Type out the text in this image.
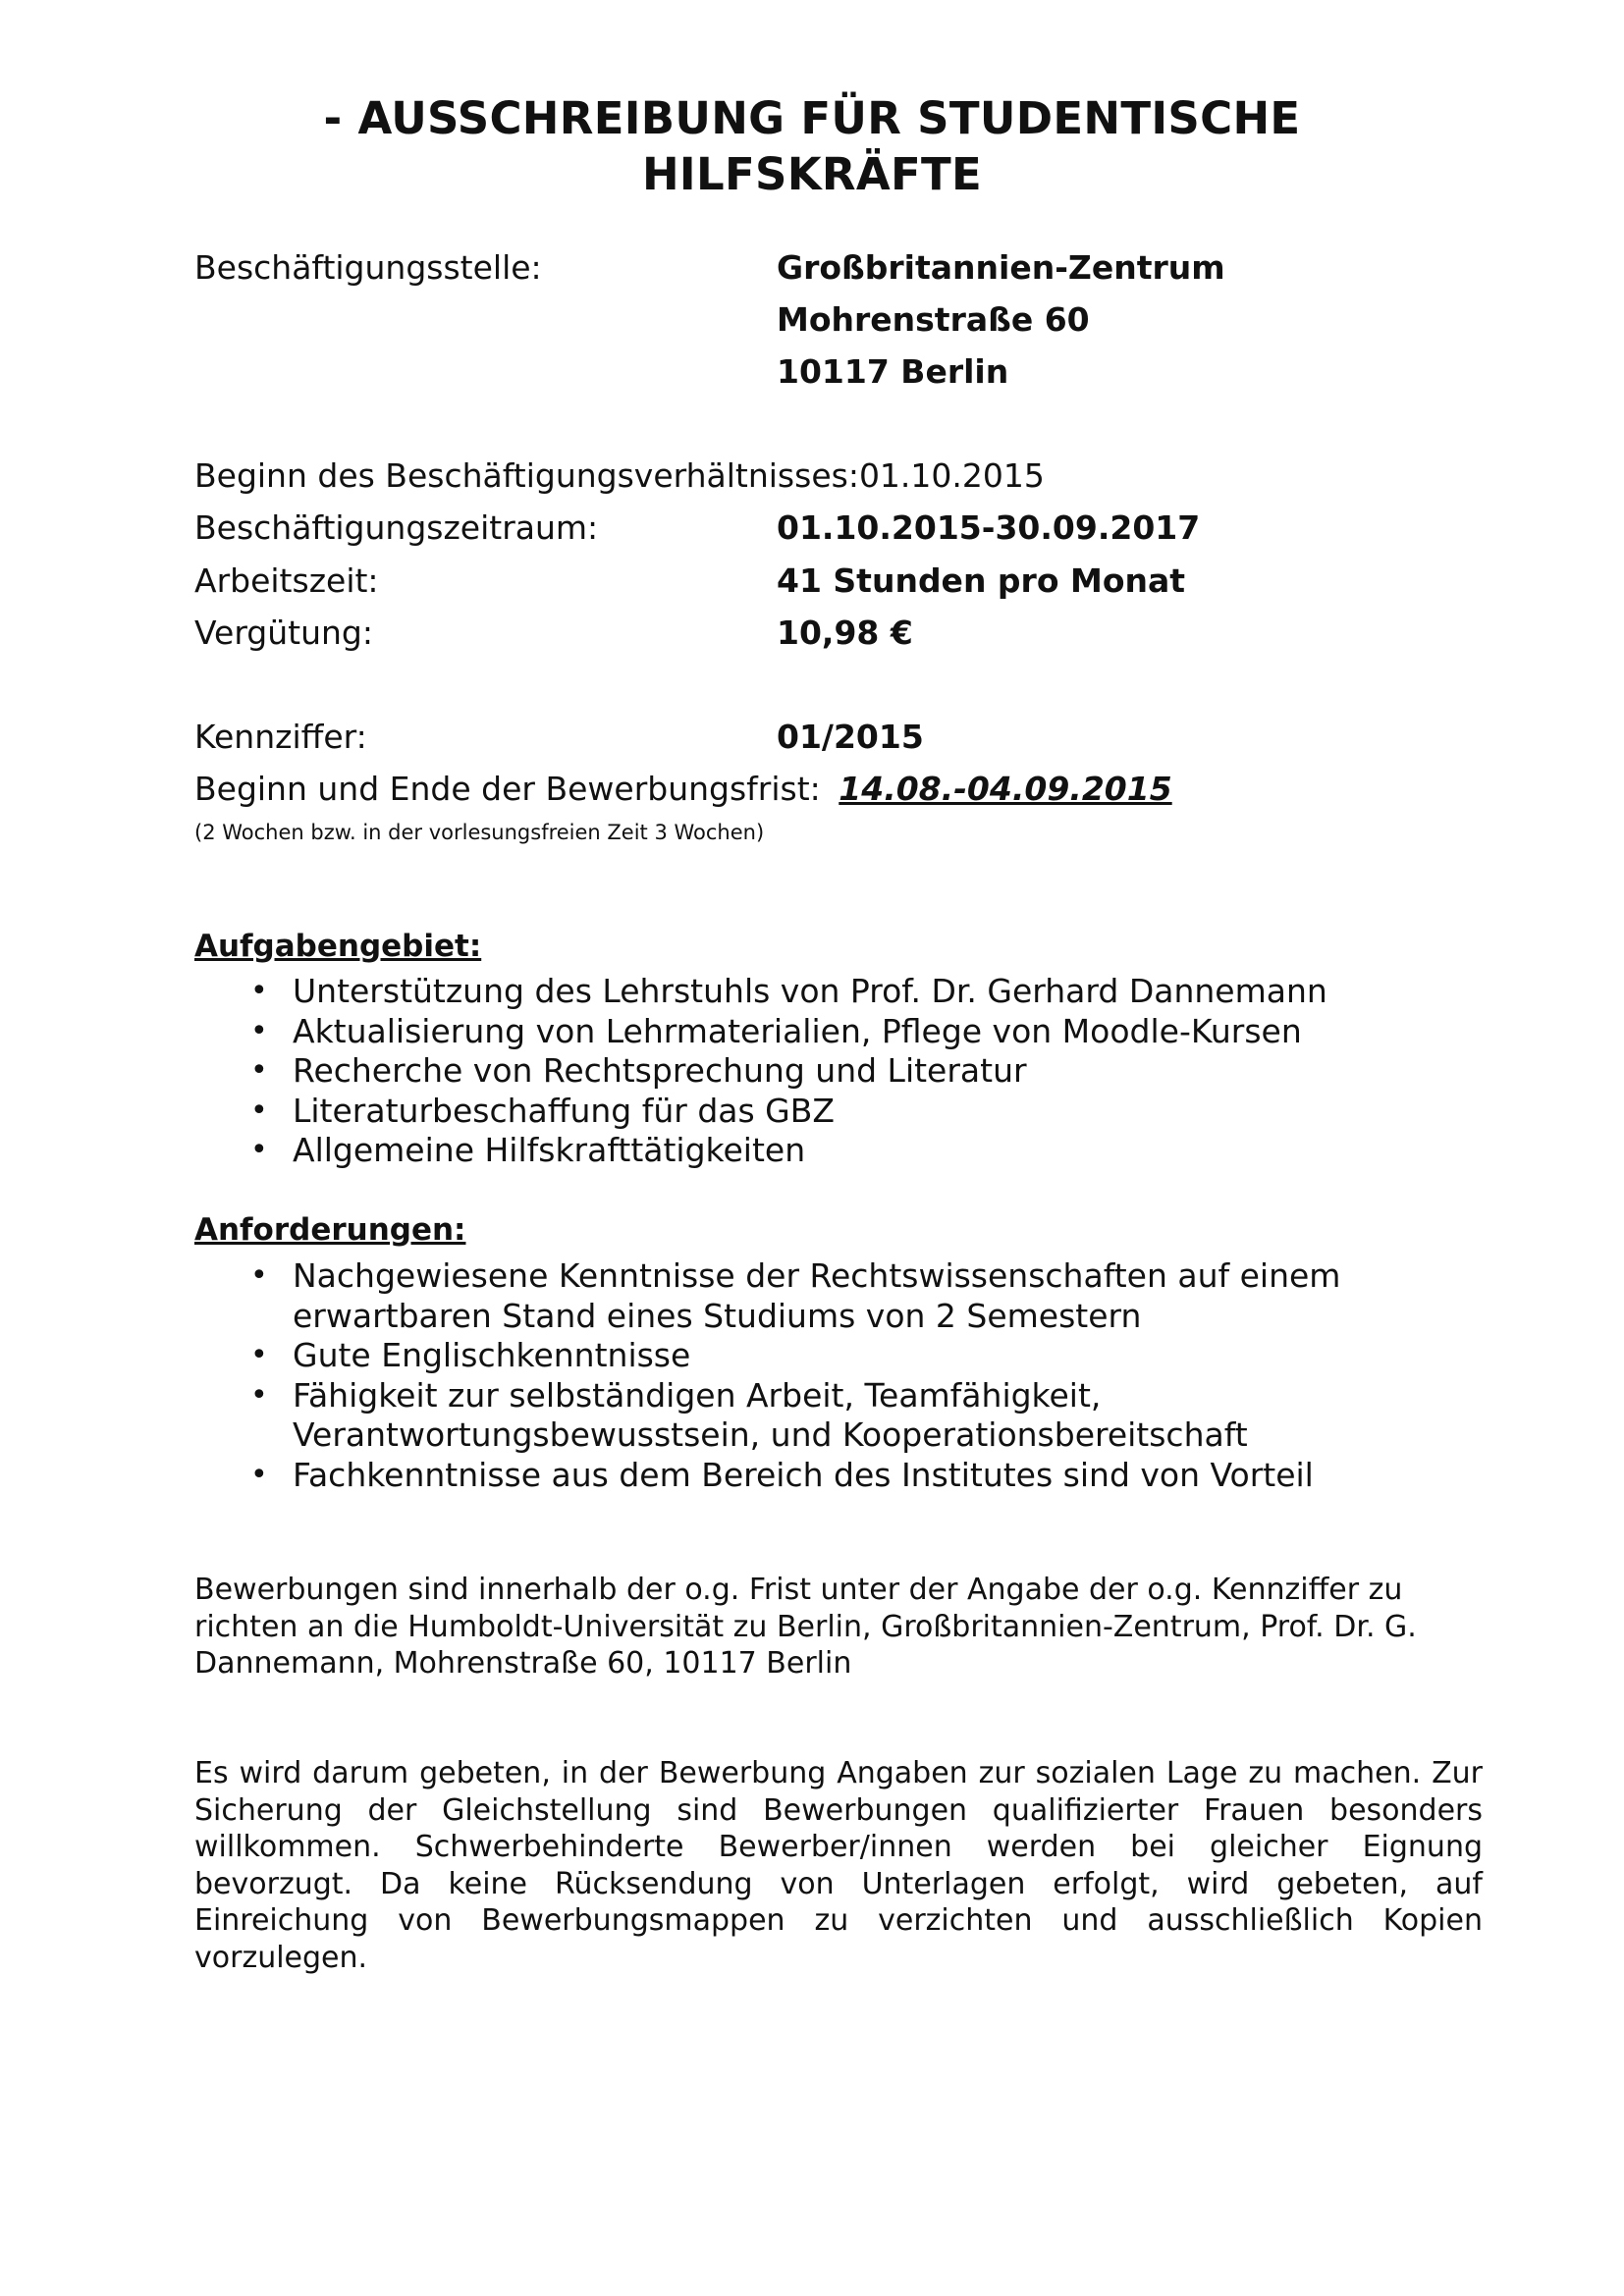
- AUSSCHREIBUNG FÜR STUDENTISCHE
HILFSKRÄFTE
Beschäftigungsstelle:	Großbritannien-Zentrum
Mohrenstraße 60
10117 Berlin
Beginn des Beschäftigungsverhältnisses:01.10.2015
Beschäftigungszeitraum:	01.10.2015-30.09.2017
Arbeitszeit:	41 Stunden pro Monat
Vergütung:	10,98 €
Kennziffer:	01/2015
Beginn und Ende der Bewerbungsfrist: 14.08.-04.09.2015
(2 Wochen bzw. in der vorlesungsfreien Zeit 3 Wochen)
Aufgabengebiet:
• Unterstützung des Lehrstuhls von Prof. Dr. Gerhard Dannemann
• Aktualisierung von Lehrmaterialien, Pflege von Moodle-Kursen
• Recherche von Rechtsprechung und Literatur
• Literaturbeschaffung für das GBZ
• Allgemeine Hilfskrafttätigkeiten
Anforderungen:
• Nachgewiesene Kenntnisse der Rechtswissenschaften auf einem
erwartbaren Stand eines Studiums von 2 Semestern
• Gute Englischkenntnisse
• Fähigkeit zur selbständigen Arbeit, Teamfähigkeit,
Verantwortungsbewusstsein, und Kooperationsbereitschaft
• Fachkenntnisse aus dem Bereich des Institutes sind von Vorteil
Bewerbungen sind innerhalb der o.g. Frist unter der Angabe der o.g. Kennziffer zu richten an die Humboldt-Universität zu Berlin, Großbritannien-Zentrum, Prof. Dr. G. Dannemann, Mohrenstraße 60, 10117 Berlin
Es wird darum gebeten, in der Bewerbung Angaben zur sozialen Lage zu machen. Zur Sicherung der Gleichstellung sind Bewerbungen qualifizierter Frauen besonders willkommen. Schwerbehinderte Bewerber/innen werden bei gleicher Eignung bevorzugt. Da keine Rücksendung von Unterlagen erfolgt, wird gebeten, auf Einreichung von Bewerbungsmappen zu verzichten und ausschließlich Kopien vorzulegen.
